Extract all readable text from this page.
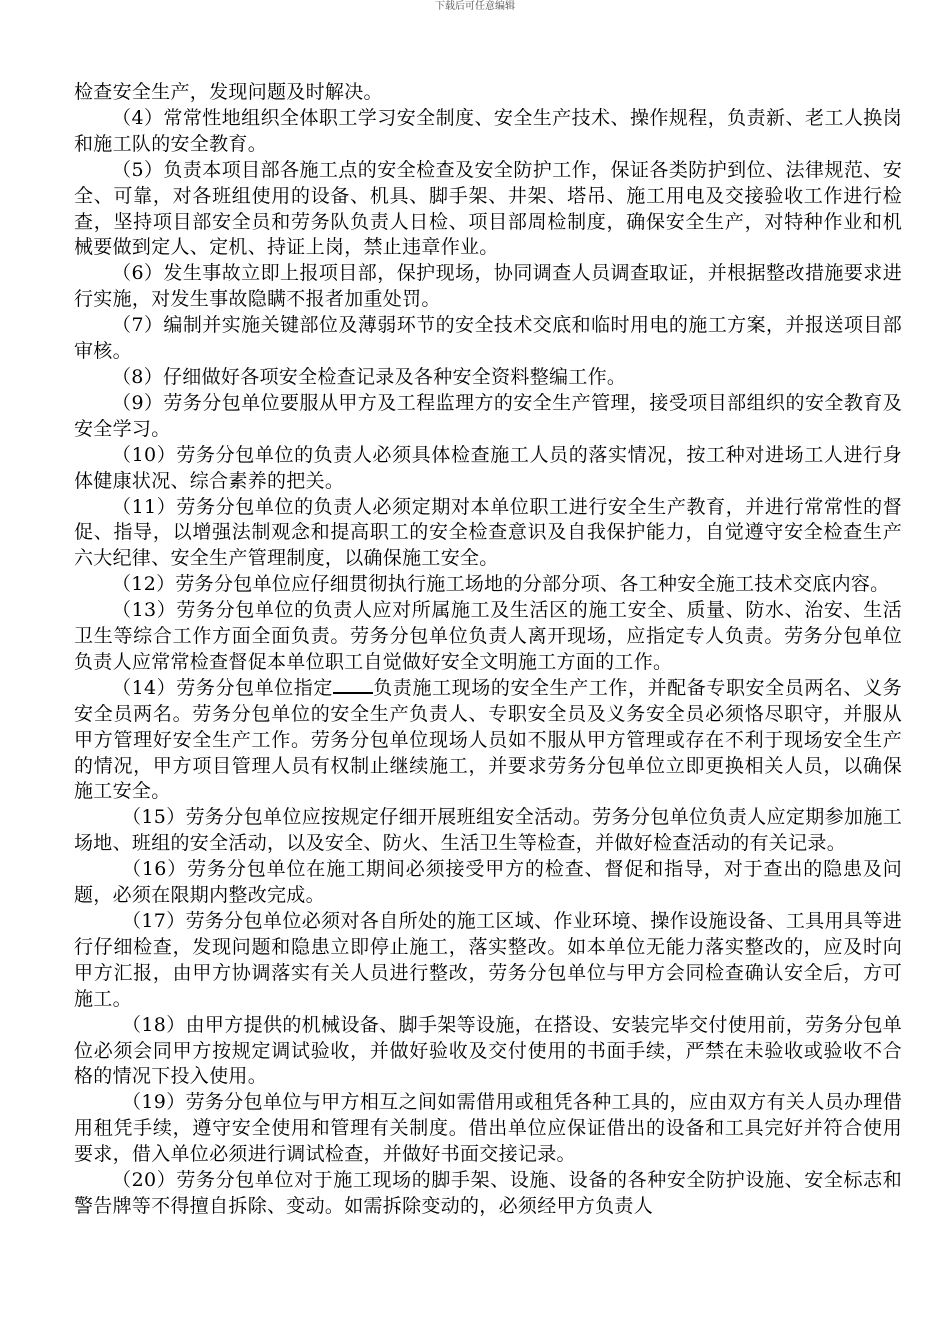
下载后可任意编辑

检查安全生产，发现问题及时解决。

（4）常常性地组织全体职工学习安全制度、安全生产技术、操作规程，负责新、老工人换岗和施工队的安全教育。

（5）负责本项目部各施工点的安全检查及安全防护工作，保证各类防护到位、法律规范、安全、可靠，对各班组使用的设备、机具、脚手架、井架、塔吊、施工用电及交接验收工作进行检查，坚持项目部安全员和劳务队负责人日检、项目部周检制度，确保安全生产，对特种作业和机械要做到定人、定机、持证上岗，禁止违章作业。

（6）发生事故立即上报项目部，保护现场，协同调查人员调查取证，并根据整改措施要求进行实施，对发生事故隐瞒不报者加重处罚。

（7）编制并实施关键部位及薄弱环节的安全技术交底和临时用电的施工方案，并报送项目部审核。

（8）仔细做好各项安全检查记录及各种安全资料整编工作。

（9）劳务分包单位要服从甲方及工程监理方的安全生产管理，接受项目部组织的安全教育及安全学习。

（10）劳务分包单位的负责人必须具体检查施工人员的落实情况，按工种对进场工人进行身体健康状况、综合素养的把关。

（11）劳务分包单位的负责人必须定期对本单位职工进行安全生产教育，并进行常常性的督促、指导，以增强法制观念和提高职工的安全检查意识及自我保护能力，自觉遵守安全检查生产六大纪律、安全生产管理制度，以确保施工安全。

（12）劳务分包单位应仔细贯彻执行施工场地的分部分项、各工种安全施工技术交底内容。

（13）劳务分包单位的负责人应对所属施工及生活区的施工安全、质量、防水、治安、生活卫生等综合工作方面全面负责。劳务分包单位负责人离开现场，应指定专人负责。劳务分包单位负责人应常常检查督促本单位职工自觉做好安全文明施工方面的工作。

（14）劳务分包单位指定 负责施工现场的安全生产工作，并配备专职安全员两名、义务安全员两名。劳务分包单位的安全生产负责人、专职安全员及义务安全员必须恪尽职守，并服从甲方管理好安全生产工作。劳务分包单位现场人员如不服从甲方管理或存在不利于现场安全生产的情况，甲方项目管理人员有权制止继续施工，并要求劳务分包单位立即更换相关人员，以确保施工安全。

（15）劳务分包单位应按规定仔细开展班组安全活动。劳务分包单位负责人应定期参加施工场地、班组的安全活动，以及安全、防火、生活卫生等检查，并做好检查活动的有关记录。

（16）劳务分包单位在施工期间必须接受甲方的检查、督促和指导，对于查出的隐患及问题，必须在限期内整改完成。

（17）劳务分包单位必须对各自所处的施工区域、作业环境、操作设施设备、工具用具等进行仔细检查，发现问题和隐患立即停止施工，落实整改。如本单位无能力落实整改的，应及时向甲方汇报，由甲方协调落实有关人员进行整改，劳务分包单位与甲方会同检查确认安全后，方可施工。

（18）由甲方提供的机械设备、脚手架等设施，在搭设、安装完毕交付使用前，劳务分包单位必须会同甲方按规定调试验收，并做好验收及交付使用的书面手续，严禁在未验收或验收不合格的情况下投入使用。

（19）劳务分包单位与甲方相互之间如需借用或租凭各种工具的，应由双方有关人员办理借用租凭手续，遵守安全使用和管理有关制度。借出单位应保证借出的设备和工具完好并符合使用要求，借入单位必须进行调试检查，并做好书面交接记录。

（20）劳务分包单位对于施工现场的脚手架、设施、设备的各种安全防护设施、安全标志和警告牌等不得擅自拆除、变动。如需拆除变动的，必须经甲方负责人
